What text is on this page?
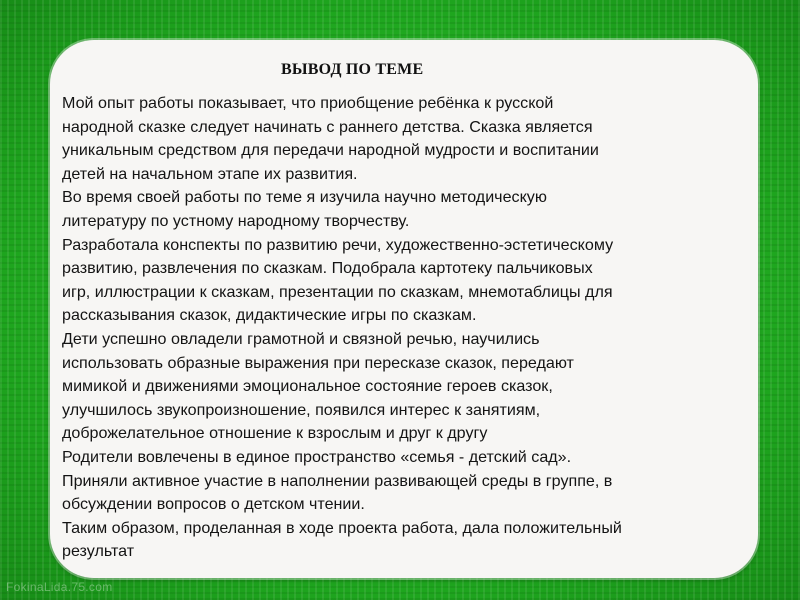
ВЫВОД ПО ТЕМЕ

Мой опыт работы показывает, что приобщение ребёнка к русской
народной сказке следует начинать с раннего детства. Сказка является
уникальным средством для передачи народной мудрости и воспитании
детей на начальном этапе их развития.
Во время своей работы по теме я изучила научно методическую
литературу по устному народному творчеству.
Разработала конспекты по развитию речи, художественно-эстетическому
развитию, развлечения по сказкам. Подобрала картотеку пальчиковых
игр, иллюстрации к сказкам, презентации по сказкам, мнемотаблицы для
рассказывания сказок, дидактические игры по сказкам.
Дети успешно овладели грамотной и связной речью, научились
использовать образные выражения при пересказе сказок, передают
мимикой и движениями эмоциональное состояние героев сказок,
улучшилось звукопроизношение, появился интерес к занятиям,
доброжелательное отношение к взрослым и друг к другу
Родители вовлечены в единое пространство «семья - детский сад».
Приняли активное участие в наполнении развивающей среды в группе, в
обсуждении вопросов о детском чтении.
Таким образом, проделанная в ходе проекта работа, дала положительный
результат

FokinaLida.75.com
